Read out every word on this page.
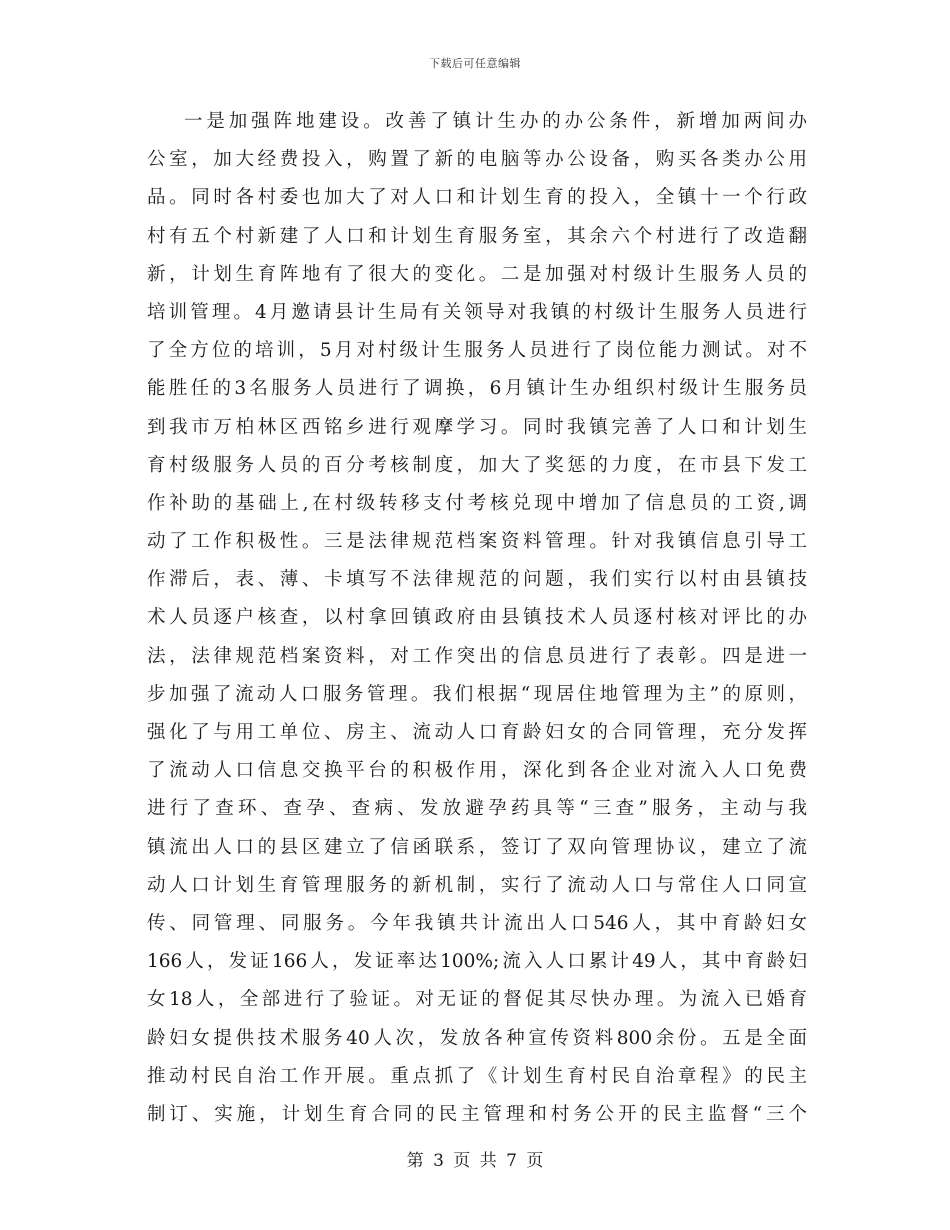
下载后可任意编辑
一是加强阵地建设。改善了镇计生办的办公条件，新增加两间办
公室，加大经费投入，购置了新的电脑等办公设备，购买各类办公用
品。同时各村委也加大了对人口和计划生育的投入，全镇十一个行政
村有五个村新建了人口和计划生育服务室，其余六个村进行了改造翻
新，计划生育阵地有了很大的变化。二是加强对村级计生服务人员的
培训管理。4月邀请县计生局有关领导对我镇的村级计生服务人员进行
了全方位的培训，5月对村级计生服务人员进行了岗位能力测试。对不
能胜任的3名服务人员进行了调换，6月镇计生办组织村级计生服务员
到我市万柏林区西铭乡进行观摩学习。同时我镇完善了人口和计划生
育村级服务人员的百分考核制度，加大了奖惩的力度，在市县下发工
作补助的基础上,在村级转移支付考核兑现中增加了信息员的工资,调
动了工作积极性。三是法律规范档案资料管理。针对我镇信息引导工
作滞后，表、薄、卡填写不法律规范的问题，我们实行以村由县镇技
术人员逐户核查，以村拿回镇政府由县镇技术人员逐村核对评比的办
法，法律规范档案资料，对工作突出的信息员进行了表彰。四是进一
步加强了流动人口服务管理。我们根据“现居住地管理为主”的原则，
强化了与用工单位、房主、流动人口育龄妇女的合同管理，充分发挥
了流动人口信息交换平台的积极作用，深化到各企业对流入人口免费
进行了查环、查孕、查病、发放避孕药具等“三查”服务，主动与我
镇流出人口的县区建立了信函联系，签订了双向管理协议，建立了流
动人口计划生育管理服务的新机制，实行了流动人口与常住人口同宣
传、同管理、同服务。今年我镇共计流出人口546人，其中育龄妇女
166人，发证166人，发证率达100%;流入人口累计49人，其中育龄妇
女18人，全部进行了验证。对无证的督促其尽快办理。为流入已婚育
龄妇女提供技术服务40人次，发放各种宣传资料800余份。五是全面
推动村民自治工作开展。重点抓了《计划生育村民自治章程》的民主
制订、实施，计划生育合同的民主管理和村务公开的民主监督“三个
第 3 页 共 7 页
